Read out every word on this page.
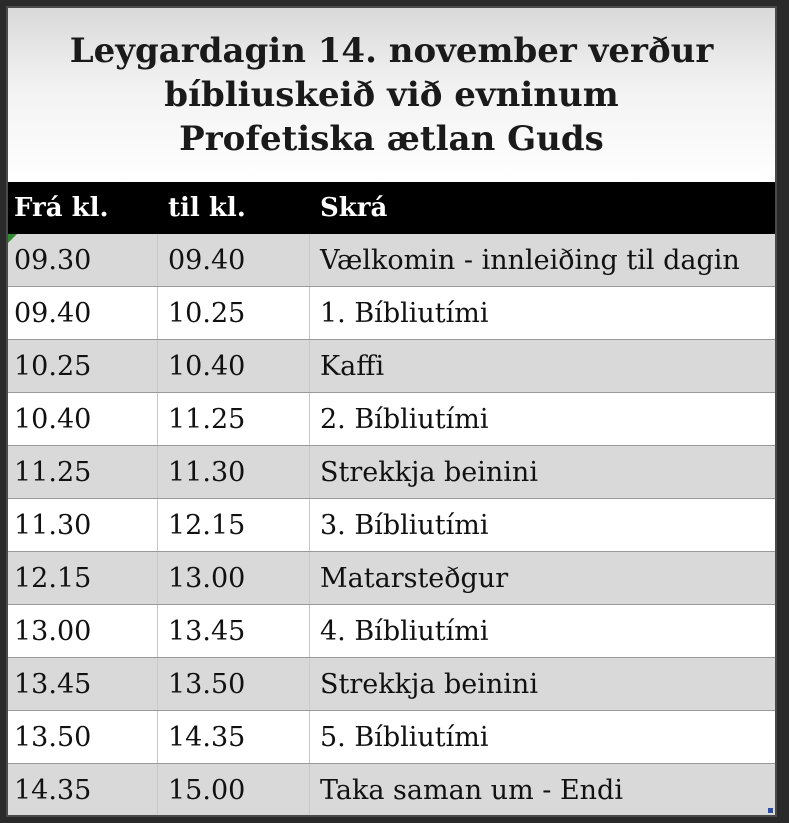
Leygardagin 14. november verður
bíbliuskeið við evninum
Profetiska ætlan Guds
Frá kl.	til kl.	Skrá
09.30	09.40	Vælkomin - innleiðing til dagin
09.40	10.25	1. Bíbliutími
10.25	10.40	Kaffi
10.40	11.25	2. Bíbliutími
11.25	11.30	Strekkja beinini
11.30	12.15	3. Bíbliutími
12.15	13.00	Matarsteðgur
13.00	13.45	4. Bíbliutími
13.45	13.50	Strekkja beinini
13.50	14.35	5. Bíbliutími
14.35	15.00	Taka saman um - Endi
